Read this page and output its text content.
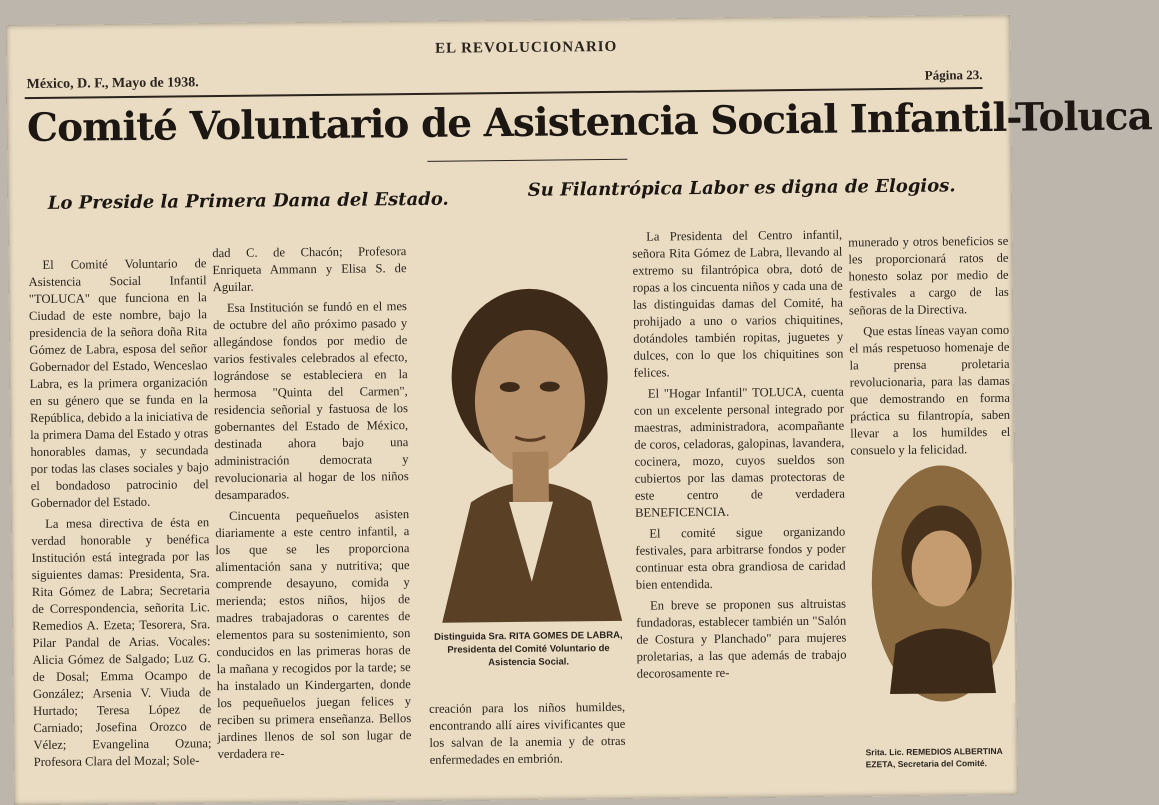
EL REVOLUCIONARIO
México, D. F., Mayo de 1938.
Página 23.
Comité Voluntario de Asistencia Social Infantil-Toluca
Lo Preside la Primera Dama del Estado.
Su Filantrópica Labor es digna de Elogios.

El Comité Voluntario de Asistencia Social Infantil "TOLUCA" que funciona en la Ciudad de este nombre, bajo la presidencia de la señora doña Rita Gómez de Labra, esposa del señor Gobernador del Estado, Wenceslao Labra, es la primera organización en su género que se funda en la República, debido a la iniciativa de la primera Dama del Estado y otras honorables damas, y secundada por todas las clases sociales y bajo el bondadoso patrocinio del Gobernador del Estado.

La mesa directiva de ésta en verdad honorable y benéfica Institución está integrada por las siguientes damas: Presidenta, Sra. Rita Gómez de Labra; Secretaria de Correspondencia, señorita Lic. Remedios A. Ezeta; Tesorera, Sra. Pilar Pandal de Arias. Vocales: Alicia Gómez de Salgado; Luz G. de Dosal; Emma Ocampo de González; Arsenia V. Viuda de Hurtado; Teresa López de Carniado; Josefina Orozco de Vélez; Evangelina Ozuna; Profesora Clara del Mozal; Sole-

dad C. de Chacón; Profesora Enriqueta Ammann y Elisa S. de Aguilar.

Esa Institución se fundó en el mes de octubre del año próximo pasado y allegándose fondos por medio de varios festivales celebrados al efecto, lográndose se estableciera en la hermosa "Quinta del Carmen", residencia señorial y fastuosa de los gobernantes del Estado de México, destinada ahora bajo una administración democrata y revolucionaria al hogar de los niños desamparados.

Cincuenta pequeñuelos asisten diariamente a este centro infantil, a los que se les proporciona alimentación sana y nutritiva; que comprende desayuno, comida y merienda; estos niños, hijos de madres trabajadoras o carentes de elementos para su sostenimiento, son conducidos en las primeras horas de la mañana y recogidos por la tarde; se ha instalado un Kindergarten, donde los pequeñuelos juegan felices y reciben su primera enseñanza. Bellos jardines llenos de sol son lugar de verdadera re-

Distinguida Sra. RITA GOMES DE LABRA, Presidenta del Comité Voluntario de Asistencia Social.

creación para los niños humildes, encontrando allí aires vivificantes que los salvan de la anemia y de otras enfermedades en embrión.

La Presidenta del Centro infantil, señora Rita Gómez de Labra, llevando al extremo su filantrópica obra, dotó de ropas a los cincuenta niños y cada una de las distinguidas damas del Comité, ha prohijado a uno o varios chiquitines, dotándoles también ropitas, juguetes y dulces, con lo que los chiquitines son felices.

El "Hogar Infantil" TOLUCA, cuenta con un excelente personal integrado por maestras, administradora, acompañante de coros, celadoras, galopinas, lavandera, cocinera, mozo, cuyos sueldos son cubiertos por las damas protectoras de este centro de verdadera BENEFICENCIA.

El comité sigue organizando festivales, para arbitrarse fondos y poder continuar esta obra grandiosa de caridad bien entendida.

En breve se proponen sus altruistas fundadoras, establecer también un "Salón de Costura y Planchado" para mujeres proletarias, a las que además de trabajo decorosamente re-

munerado y otros beneficios se les proporcionará ratos de honesto solaz por medio de festivales a cargo de las señoras de la Directiva.

Que estas líneas vayan como el más respetuoso homenaje de la prensa proletaria revolucionaria, para las damas que demostrando en forma práctica su filantropía, saben llevar a los humildes el consuelo y la felicidad.

Srita. Lic. REMEDIOS ALBERTINA EZETA, Secretaria del Comité.
